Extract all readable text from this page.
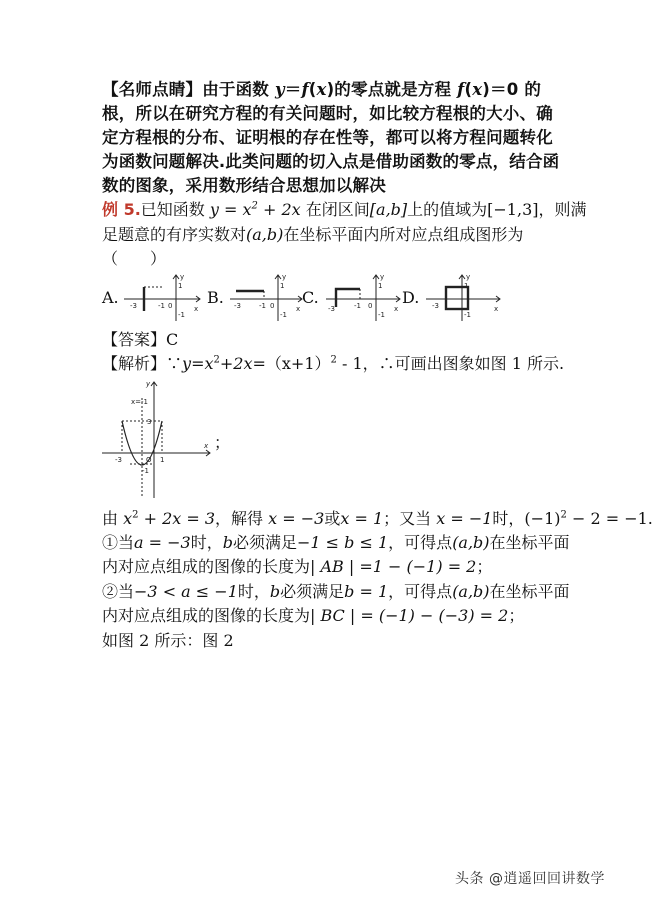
【名师点睛】由于函数 y＝f(x)的零点就是方程 f(x)＝0 的根，所以在研究方程的有关问题时，如比较方程根的大小、确定方程根的分布、证明根的存在性等，都可以将方程问题转化为函数问题解决.此类问题的切入点是借助函数的零点，结合函数的图象，采用数形结合思想加以解决
例 5.已知函数 $y = x^2 + 2x$ 在闭区间[a,b]上的值域为[−1,3]，则满
足题意的有序实数对(a,b)在坐标平面内所对应点组成图形为
（　　）
A. -3	-1 0
1
-1
x
y
B. -3	-1 0
1
-1
x
y
C.
-3	-1 0
1
-1
x
y
D. -3
1
-1
x
y
【答案】C
【解析】$\because y=x^2+2x=(x+1)^2 - 1$，∴可画出图象如图 1 所示.
y
x
x=-1
3
-3	O 1
-1
；
由 $x^2 + 2x = 3$，解得 x = −3或x = 1；又当 x = −1时，$(-1)^2 - 2 = -1$.
①当a = −3时，b必须满足−1 ≤ b ≤ 1，可得点(a,b)在坐标平面
内对应点组成的图像的长度为| AB | =1 − (−1) = 2；
②当−3 < a ≤ −1时，b必须满足b = 1，可得点(a,b)在坐标平面
内对应点组成的图像的长度为| BC | = (−1) − (−3) = 2；
如图 2 所示：图 2
头条 @逍遥回回讲数学
